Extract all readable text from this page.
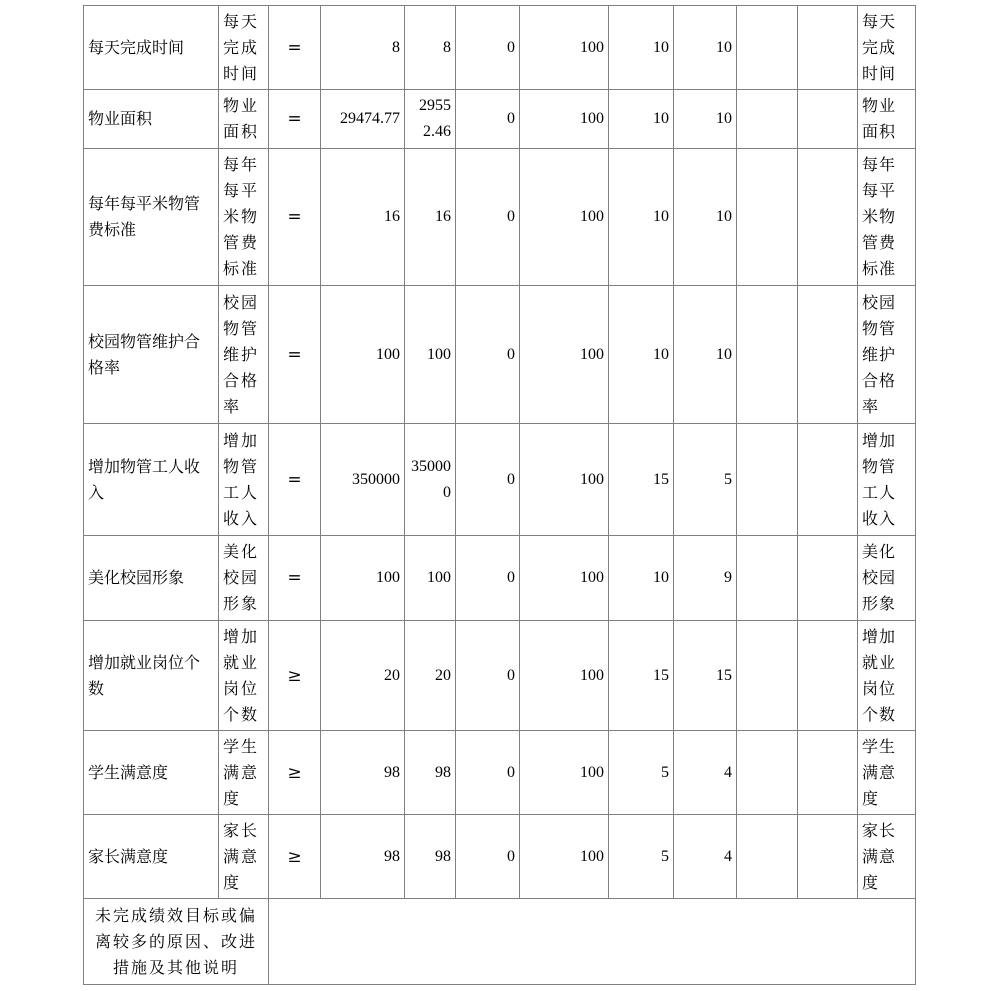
每天完成时间	每天完成时间	=	8	8	0	100	10	10			每天完成时间
物业面积	物业面积	=	29474.77	29552.46	0	100	10	10			物业面积
每年每平米物管费标准	每年每平米物管费标准	=	16	16	0	100	10	10			每年每平米物管费标准
校园物管维护合格率	校园物管维护合格率	=	100	100	0	100	10	10			校园物管维护合格率
增加物管工人收入	增加物管工人收入	=	350000	350000	0	100	15	5			增加物管工人收入
美化校园形象	美化校园形象	=	100	100	0	100	10	9			美化校园形象
增加就业岗位个数	增加就业岗位个数	≥	20	20	0	100	15	15			增加就业岗位个数
学生满意度	学生满意度	≥	98	98	0	100	5	4			学生满意度
家长满意度	家长满意度	≥	98	98	0	100	5	4			家长满意度
未完成绩效目标或偏离较多的原因、改进措施及其他说明											
